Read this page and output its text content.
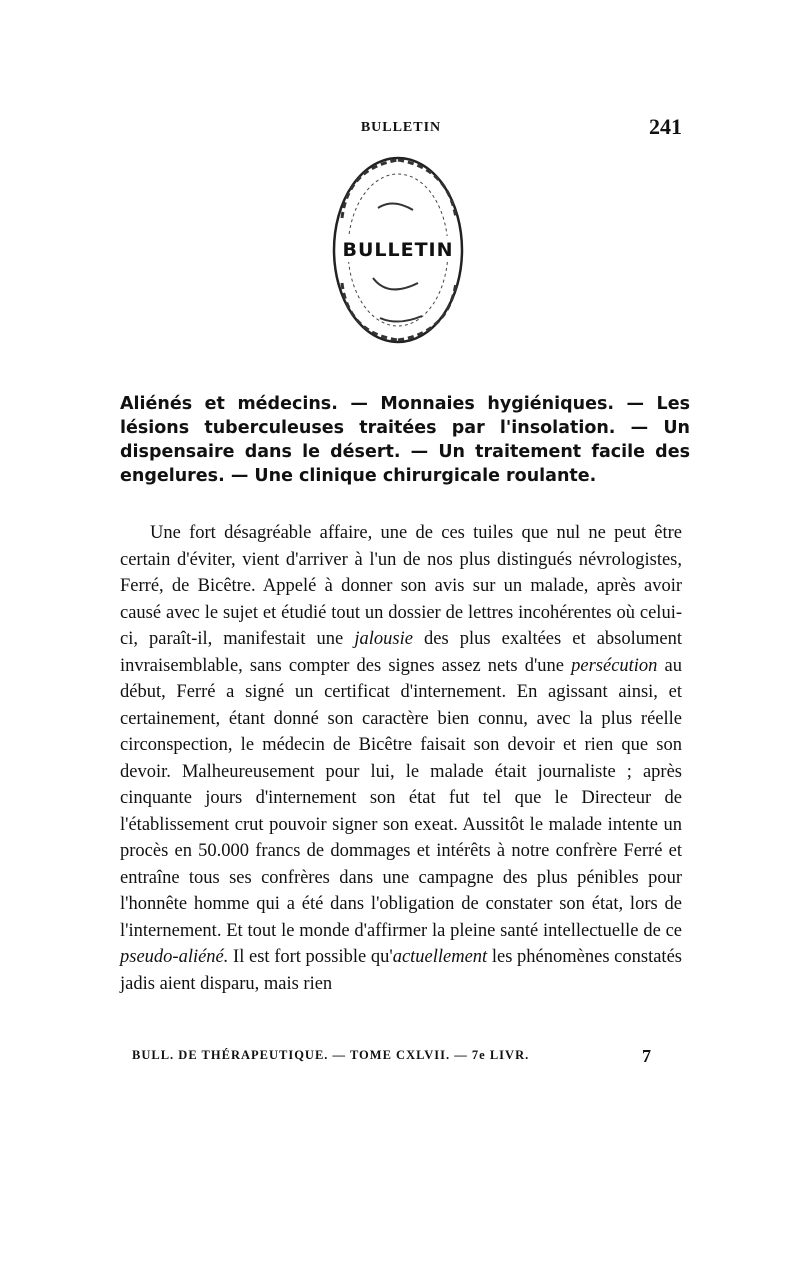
BULLETIN	241
BULLETIN

Aliénés et médecins. — Monnaies hygiéniques. — Les lésions tuberculeuses traitées par l'insolation. — Un dispensaire dans le désert. — Un traitement facile des engelures. — Une clinique chirurgicale roulante.

Une fort désagréable affaire, une de ces tuiles que nul ne peut être certain d'éviter, vient d'arriver à l'un de nos plus distingués névrologistes, Ferré, de Bicêtre. Appelé à donner son avis sur un malade, après avoir causé avec le sujet et étudié tout un dossier de lettres incohérentes où celui-ci, paraît-il, manifestait une jalousie des plus exaltées et absolument invraisemblable, sans compter des signes assez nets d'une persécution au début, Ferré a signé un certificat d'internement. En agissant ainsi, et certainement, étant donné son caractère bien connu, avec la plus réelle circonspection, le médecin de Bicêtre faisait son devoir et rien que son devoir. Malheureusement pour lui, le malade était journaliste ; après cinquante jours d'internement son état fut tel que le Directeur de l'établissement crut pouvoir signer son exeat. Aussitôt le malade intente un procès en 50.000 francs de dommages et intérêts à notre confrère Ferré et entraîne tous ses confrères dans une campagne des plus pénibles pour l'honnête homme qui a été dans l'obligation de constater son état, lors de l'internement. Et tout le monde d'affirmer la pleine santé intellectuelle de ce pseudo-aliéné. Il est fort possible qu'actuellement les phénomènes constatés jadis aient disparu, mais rien

BULL. DE THÉRAPEUTIQUE. — TOME CXLVII. — 7e LIVR.	7
